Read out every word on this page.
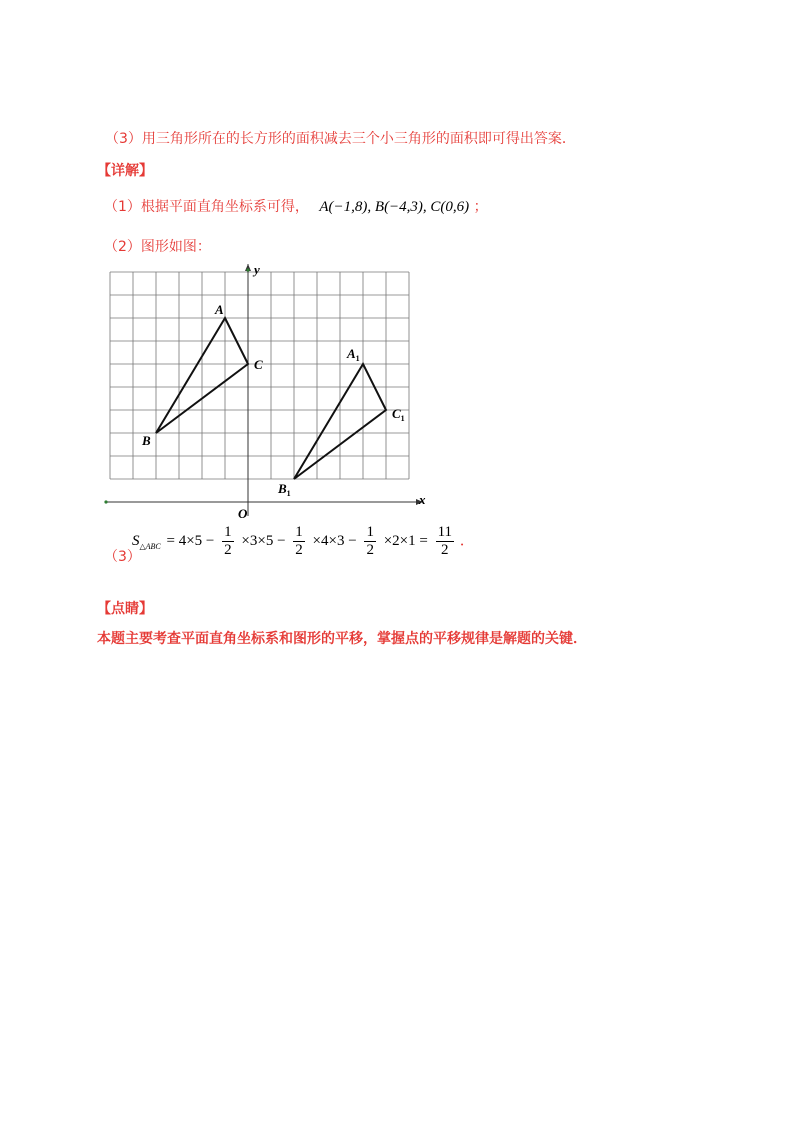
（3）用三角形所在的长方形的面积减去三个小三角形的面积即可得出答案．
【详解】
（1）根据平面直角坐标系可得， A(−1,8), B(−4,3), C(0,6) ；
（2）图形如图：
x
y
O
A
B
C
$A_1$
$B_1$
$C_1$
（3）
$S_{\triangle ABC} = 4\times 5 - \frac{1}{2} \times 3\times 5 - \frac{1}{2} \times 4\times 3 - \frac{1}{2} \times 2\times 1 = \frac{11}{2}$ ．
【点睛】
本题主要考查平面直角坐标系和图形的平移，掌握点的平移规律是解题的关键．
